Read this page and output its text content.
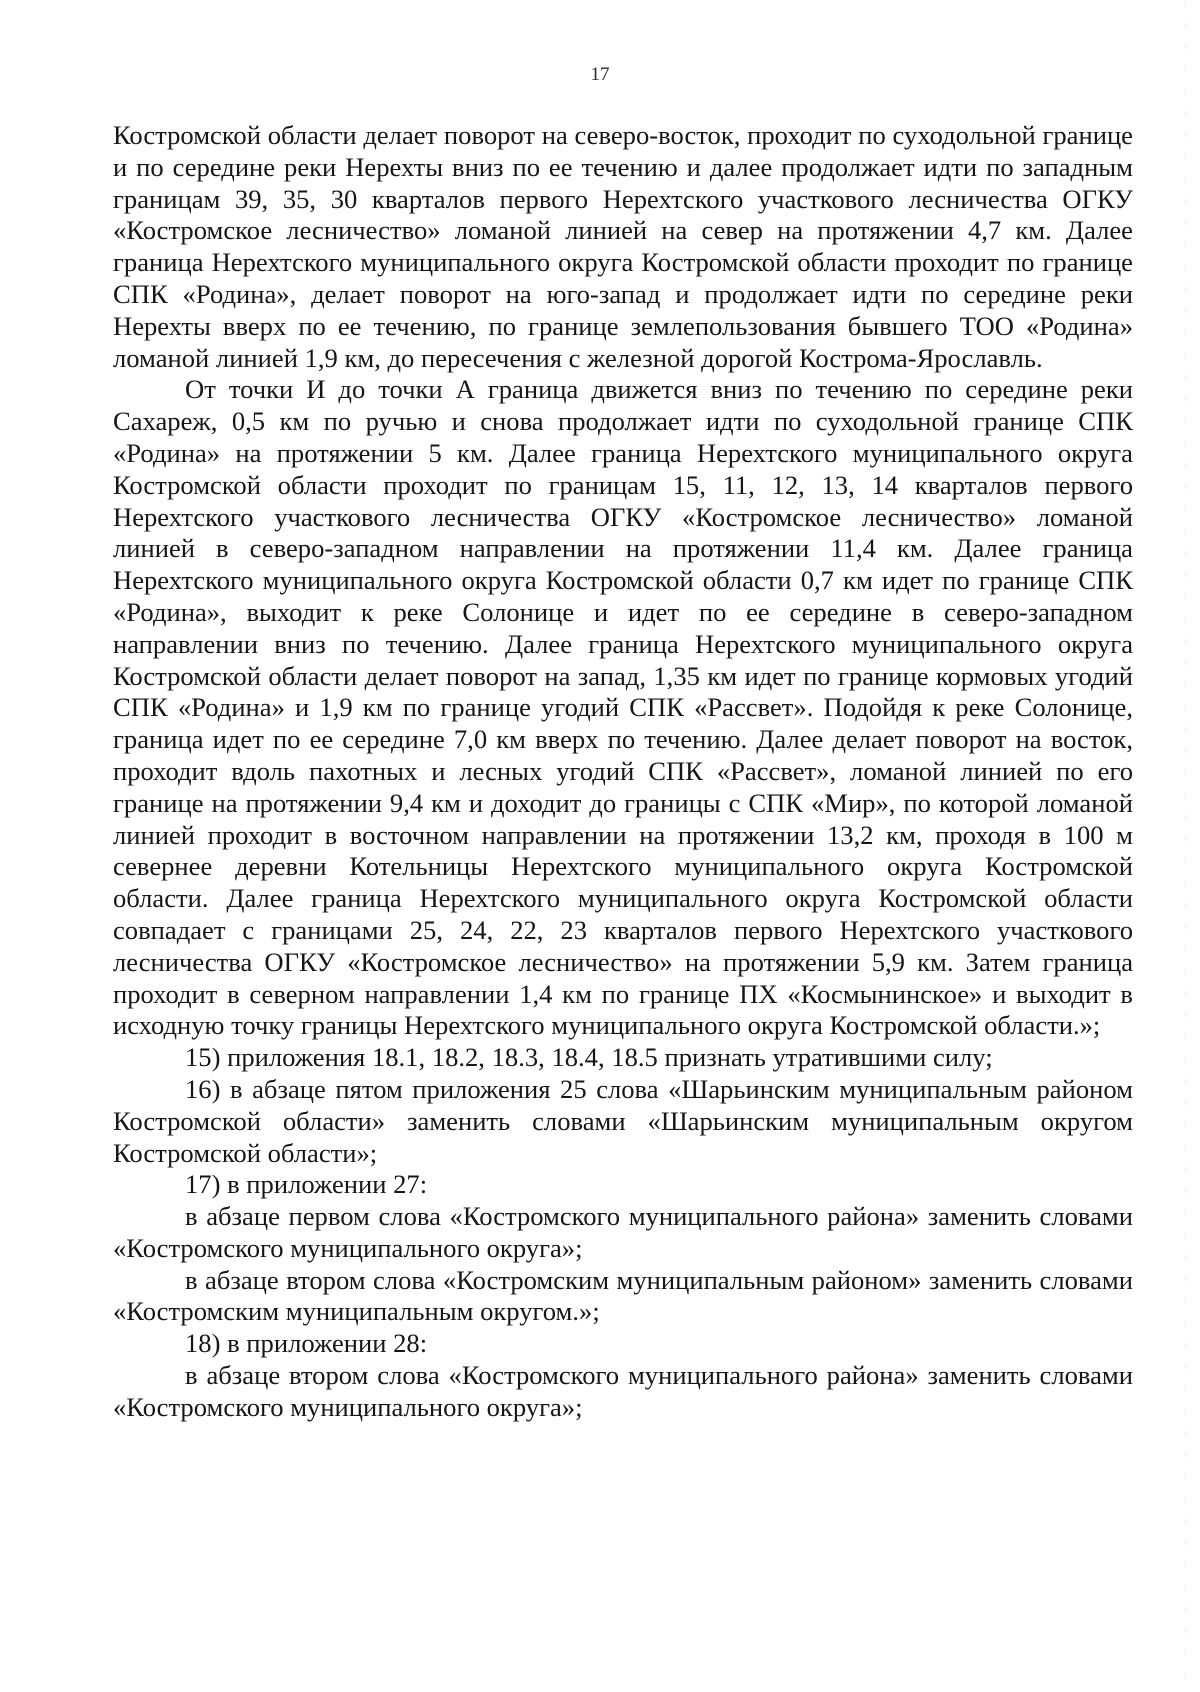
17

Костромской области делает поворот на северо-восток, проходит по суходольной границе и по середине реки Нерехты вниз по ее течению и далее продолжает идти по западным границам 39, 35, 30 кварталов первого Нерехтского участкового лесничества ОГКУ «Костромское лесничество» ломаной линией на север на протяжении 4,7 км. Далее граница Нерехтского муниципального округа Костромской области проходит по границе СПК «Родина», делает поворот на юго-запад и продолжает идти по середине реки Нерехты вверх по ее течению, по границе землепользования бывшего ТОО «Родина» ломаной линией 1,9 км, до пересечения с железной дорогой Кострома-Ярославль.

От точки И до точки А граница движется вниз по течению по середине реки Сахареж, 0,5 км по ручью и снова продолжает идти по суходольной границе СПК «Родина» на протяжении 5 км. Далее граница Нерехтского муниципального округа Костромской области проходит по границам 15, 11, 12, 13, 14 кварталов первого Нерехтского участкового лесничества ОГКУ «Костромское лесничество» ломаной линией в северо-западном направлении на протяжении 11,4 км. Далее граница Нерехтского муниципального округа Костромской области 0,7 км идет по границе СПК «Родина», выходит к реке Солонице и идет по ее середине в северо-западном направлении вниз по течению. Далее граница Нерехтского муниципального округа Костромской области делает поворот на запад, 1,35 км идет по границе кормовых угодий СПК «Родина» и 1,9 км по границе угодий СПК «Рассвет». Подойдя к реке Солонице, граница идет по ее середине 7,0 км вверх по течению. Далее делает поворот на восток, проходит вдоль пахотных и лесных угодий СПК «Рассвет», ломаной линией по его границе на протяжении 9,4 км и доходит до границы с СПК «Мир», по которой ломаной линией проходит в восточном направлении на протяжении 13,2 км, проходя в 100 м севернее деревни Котельницы Нерехтского муниципального округа Костромской области. Далее граница Нерехтского муниципального округа Костромской области совпадает с границами 25, 24, 22, 23 кварталов первого Нерехтского участкового лесничества ОГКУ «Костромское лесничество» на протяжении 5,9 км. Затем граница проходит в северном направлении 1,4 км по границе ПХ «Космынинское» и выходит в исходную точку границы Нерехтского муниципального округа Костромской области.»;

15) приложения 18.1, 18.2, 18.3, 18.4, 18.5 признать утратившими силу;

16) в абзаце пятом приложения 25 слова «Шарьинским муниципальным районом Костромской области» заменить словами «Шарьинским муниципальным округом Костромской области»;

17) в приложении 27:

в абзаце первом слова «Костромского муниципального района» заменить словами «Костромского муниципального округа»;

в абзаце втором слова «Костромским муниципальным районом» заменить словами «Костромским муниципальным округом.»;

18) в приложении 28:

в абзаце втором слова «Костромского муниципального района» заменить словами «Костромского муниципального округа»;
